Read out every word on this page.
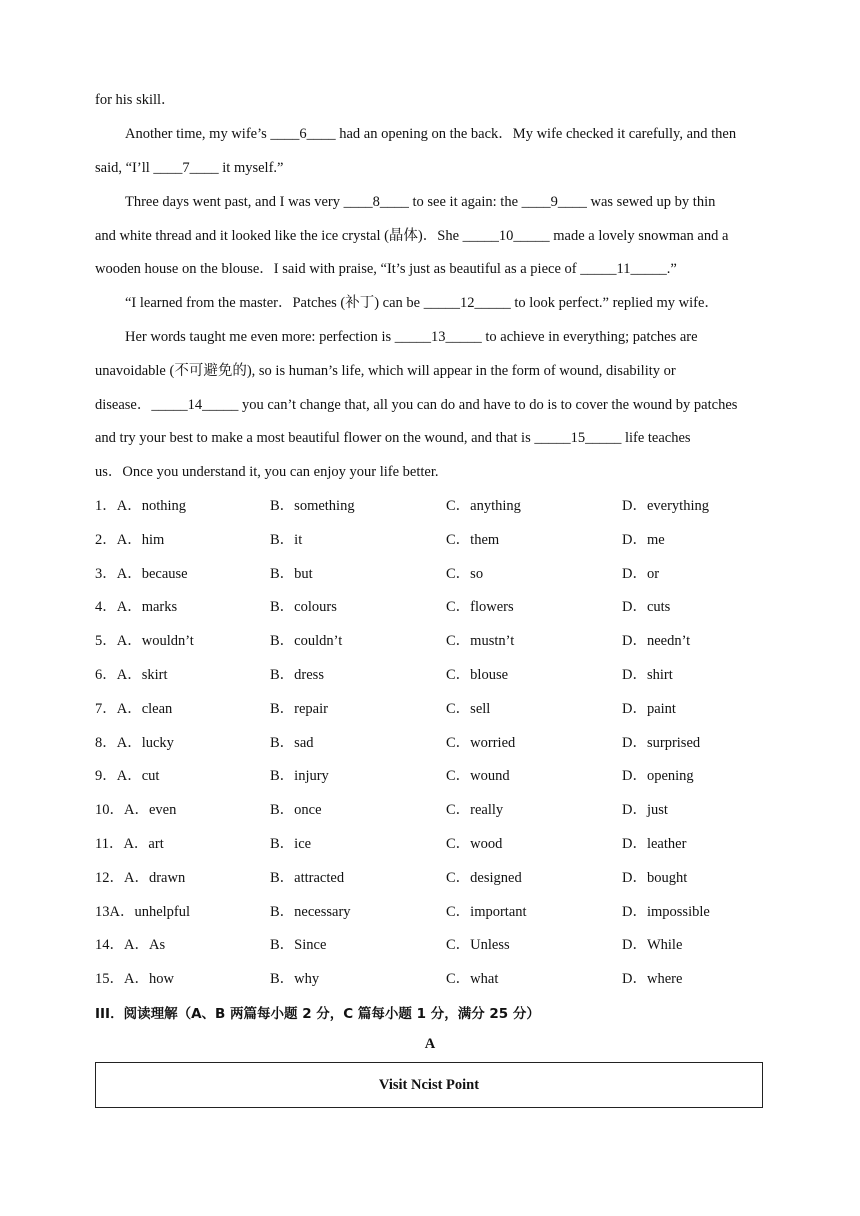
for his skill．
Another time, my wife’s ____6____ had an opening on the back．My wife checked it carefully, and then
said, “I’ll ____7____ it myself.”
Three days went past, and I was very ____8____ to see it again: the ____9____ was sewed up by thin
and white thread and it looked like the ice crystal (晶体)．She _____10_____ made a lovely snowman and a
wooden house on the blouse．I said with praise, “It’s just as beautiful as a piece of _____11_____.”
“I learned from the master．Patches (补丁) can be _____12_____ to look perfect.” replied my wife．
Her words taught me even more: perfection is _____13_____ to achieve in everything; patches are
unavoidable (不可避免的), so is human’s life, which will appear in the form of wound, disability or
disease．_____14_____ you can’t change that, all you can do and have to do is to cover the wound by patches
and try your best to make a most beautiful flower on the wound, and that is _____15_____ life teaches
us．Once you understand it, you can enjoy your life better.
1．A．nothing	B．something	C．anything	D．everything
2．A．him	B．it	C．them	D．me
3．A．because	B．but	C．so	D．or
4．A．marks	B．colours	C．flowers	D．cuts
5．A．wouldn’t	B．couldn’t	C．mustn’t	D．needn’t
6．A．skirt	B．dress	C．blouse	D．shirt
7．A．clean	B．repair	C．sell	D．paint
8．A．lucky	B．sad	C．worried	D．surprised
9．A．cut	B．injury	C．wound	D．opening
10．A．even	B．once	C．really	D．just
11．A．art	B．ice	C．wood	D．leather
12．A．drawn	B．attracted	C．designed	D．bought
13A．unhelpful	B．necessary	C．important	D．impossible
14．A．As	B．Since	C．Unless	D．While
15．A．how	B．why	C．what	D．where
III．阅读理解（A、B 两篇每小题 2 分，C 篇每小题 1 分，满分 25 分）
A
Visit Ncist Point
